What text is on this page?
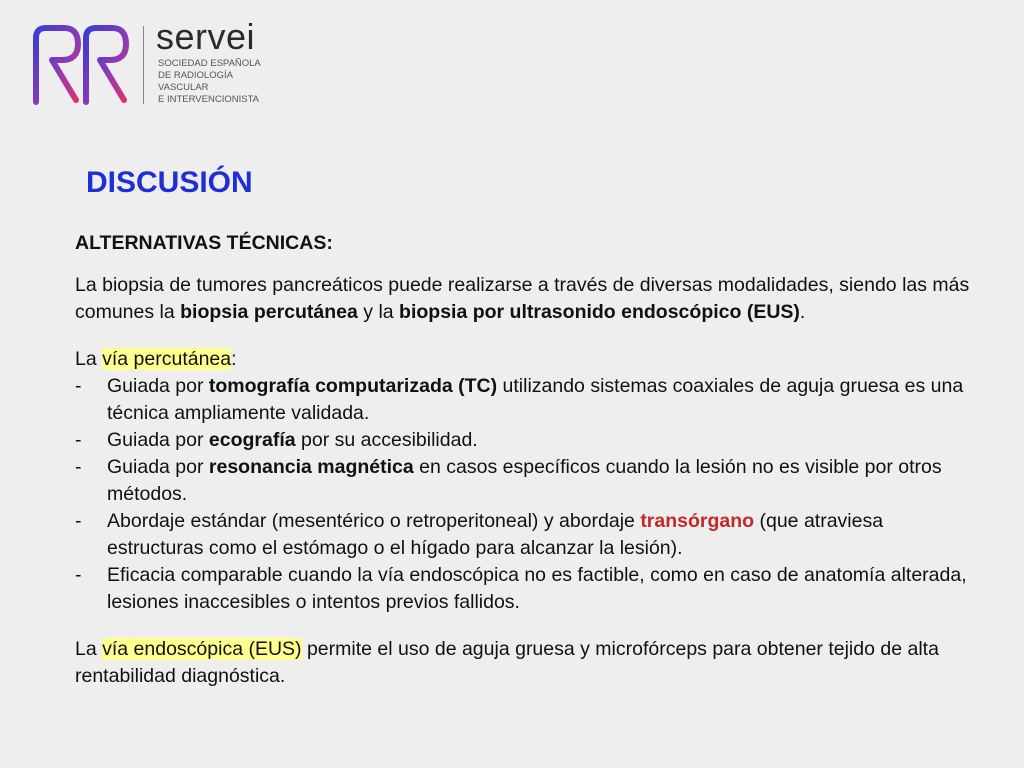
servei
SOCIEDAD ESPAÑOLA
DE RADIOLOGÍA
VASCULAR
E INTERVENCIONISTA
DISCUSIÓN
ALTERNATIVAS TÉCNICAS:

La biopsia de tumores pancreáticos puede realizarse a través de diversas modalidades, siendo las más comunes la biopsia percutánea y la biopsia por ultrasonido endoscópico (EUS).

La vía percutánea:
- Guiada por tomografía computarizada (TC) utilizando sistemas coaxiales de aguja gruesa es una técnica ampliamente validada.
- Guiada por ecografía por su accesibilidad.
- Guiada por resonancia magnética en casos específicos cuando la lesión no es visible por otros métodos.
- Abordaje estándar (mesentérico o retroperitoneal) y abordaje transórgano (que atraviesa estructuras como el estómago o el hígado para alcanzar la lesión).
- Eficacia comparable cuando la vía endoscópica no es factible, como en caso de anatomía alterada, lesiones inaccesibles o intentos previos fallidos.

La vía endoscópica (EUS) permite el uso de aguja gruesa y microfórceps para obtener tejido de alta rentabilidad diagnóstica.
